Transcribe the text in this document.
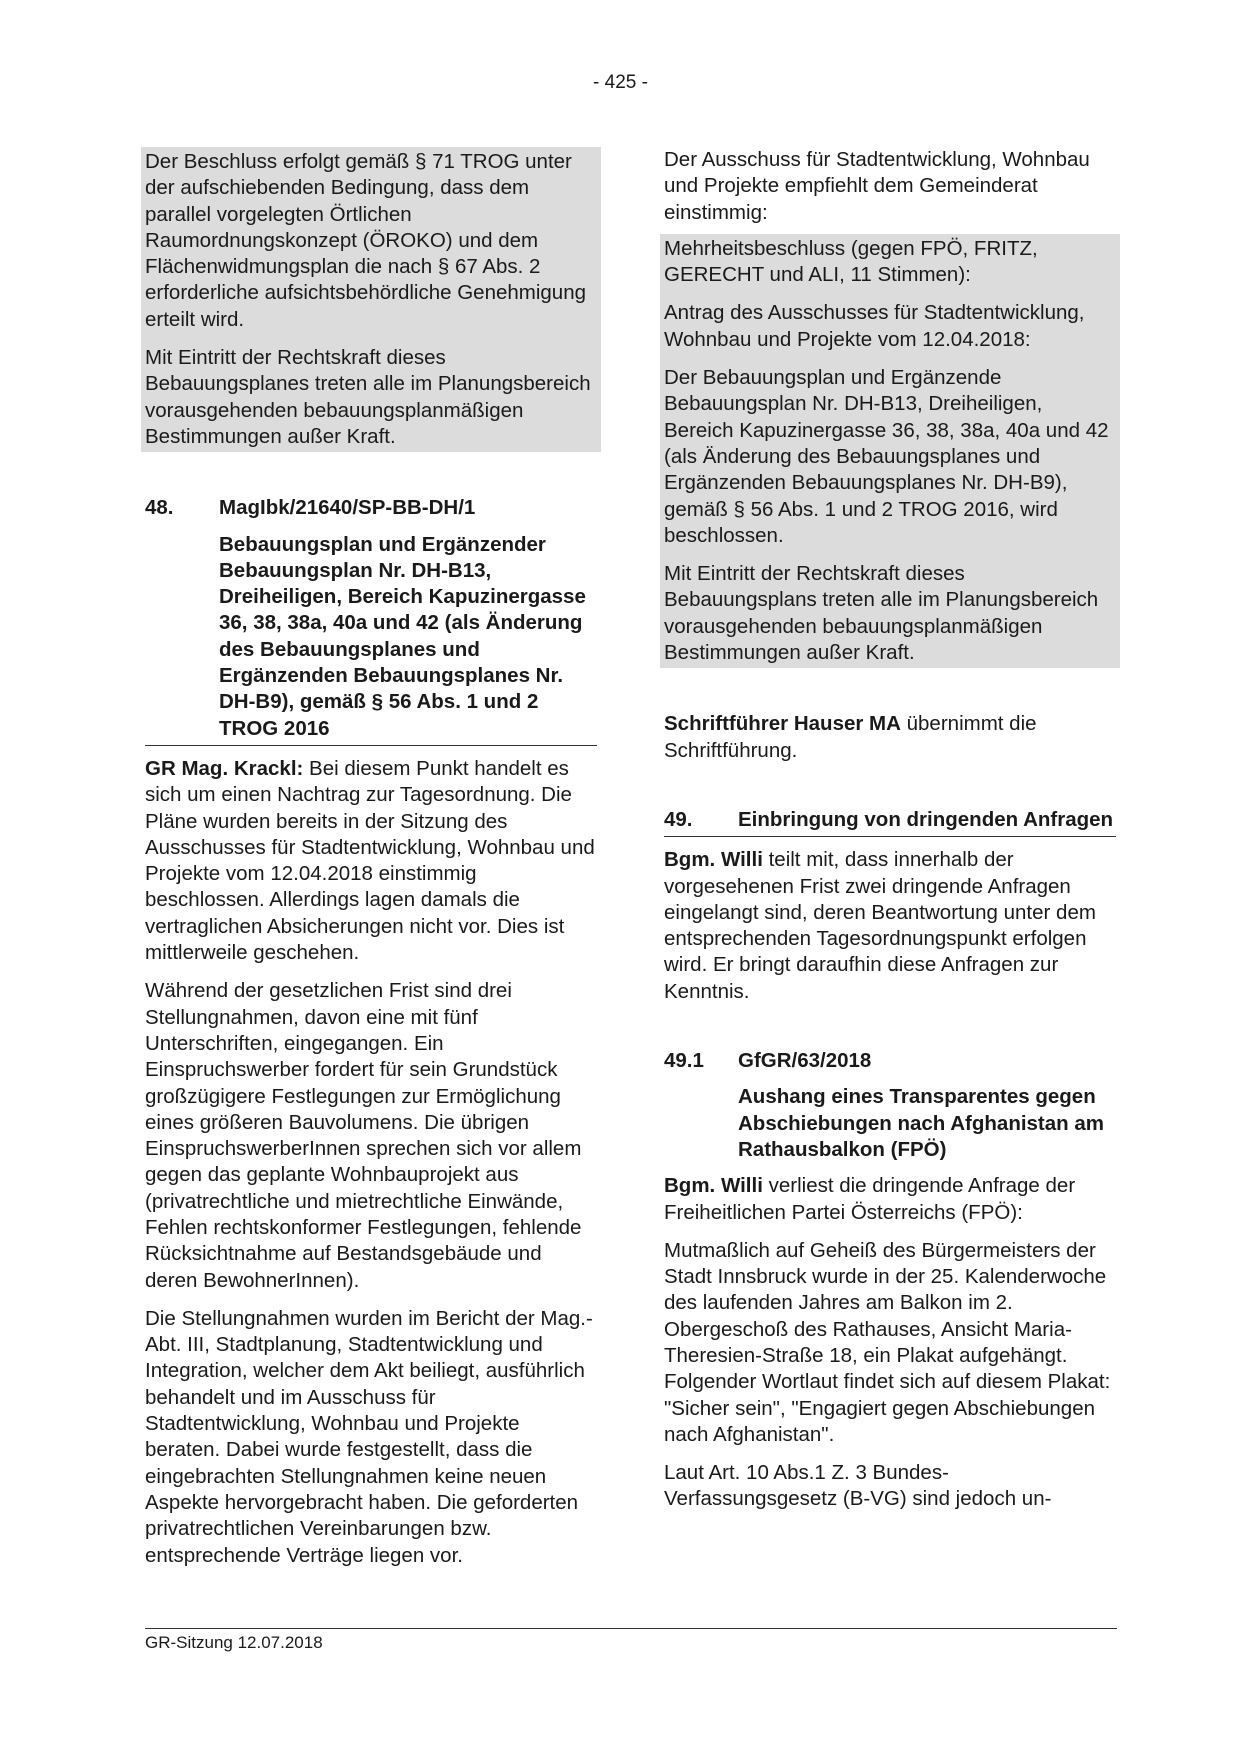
- 425 -

Der Beschluss erfolgt gemäß § 71 TROG unter der aufschiebenden Bedingung, dass dem parallel vorgelegten Örtlichen Raumordnungskonzept (ÖROKO) und dem Flächenwidmungsplan die nach § 67 Abs. 2 erforderliche aufsichtsbehördliche Genehmigung erteilt wird.

Mit Eintritt der Rechtskraft dieses Bebauungsplanes treten alle im Planungsbereich vorausgehenden bebauungsplanmäßigen Bestimmungen außer Kraft.

48.	MagIbk/21640/SP-BB-DH/1
Bebauungsplan und Ergänzender Bebauungsplan Nr. DH-B13, Dreiheiligen, Bereich Kapuzinergasse 36, 38, 38a, 40a und 42 (als Änderung des Bebauungsplanes und Ergänzenden Bebauungsplanes Nr. DH-B9), gemäß § 56 Abs. 1 und 2 TROG 2016

GR Mag. Krackl: Bei diesem Punkt handelt es sich um einen Nachtrag zur Tagesordnung. Die Pläne wurden bereits in der Sitzung des Ausschusses für Stadtentwicklung, Wohnbau und Projekte vom 12.04.2018 einstimmig beschlossen. Allerdings lagen damals die vertraglichen Absicherungen nicht vor. Dies ist mittlerweile geschehen.

Während der gesetzlichen Frist sind drei Stellungnahmen, davon eine mit fünf Unterschriften, eingegangen. Ein Einspruchswerber fordert für sein Grundstück großzügigere Festlegungen zur Ermöglichung eines größeren Bauvolumens. Die übrigen EinspruchswerberInnen sprechen sich vor allem gegen das geplante Wohnbauprojekt aus (privatrechtliche und mietrechtliche Einwände, Fehlen rechtskonformer Festlegungen, fehlende Rücksichtnahme auf Bestandsgebäude und deren BewohnerInnen).

Die Stellungnahmen wurden im Bericht der Mag.-Abt. III, Stadtplanung, Stadtentwicklung und Integration, welcher dem Akt beiliegt, ausführlich behandelt und im Ausschuss für Stadtentwicklung, Wohnbau und Projekte beraten. Dabei wurde festgestellt, dass die eingebrachten Stellungnahmen keine neuen Aspekte hervorgebracht haben. Die geforderten privatrechtlichen Vereinbarungen bzw. entsprechende Verträge liegen vor.

Der Ausschuss für Stadtentwicklung, Wohnbau und Projekte empfiehlt dem Gemeinderat einstimmig:

Mehrheitsbeschluss (gegen FPÖ, FRITZ, GERECHT und ALI, 11 Stimmen):

Antrag des Ausschusses für Stadtentwicklung, Wohnbau und Projekte vom 12.04.2018:

Der Bebauungsplan und Ergänzende Bebauungsplan Nr. DH-B13, Dreiheiligen, Bereich Kapuzinergasse 36, 38, 38a, 40a und 42 (als Änderung des Bebauungsplanes und Ergänzenden Bebauungsplanes Nr. DH-B9), gemäß § 56 Abs. 1 und 2 TROG 2016, wird beschlossen.

Mit Eintritt der Rechtskraft dieses Bebauungsplans treten alle im Planungsbereich vorausgehenden bebauungsplanmäßigen Bestimmungen außer Kraft.

Schriftführer Hauser MA übernimmt die Schriftführung.

49.	Einbringung von dringenden Anfragen

Bgm. Willi teilt mit, dass innerhalb der vorgesehenen Frist zwei dringende Anfragen eingelangt sind, deren Beantwortung unter dem entsprechenden Tagesordnungspunkt erfolgen wird. Er bringt daraufhin diese Anfragen zur Kenntnis.

49.1	GfGR/63/2018
Aushang eines Transparentes gegen Abschiebungen nach Afghanistan am Rathausbalkon (FPÖ)

Bgm. Willi verliest die dringende Anfrage der Freiheitlichen Partei Österreichs (FPÖ):

Mutmaßlich auf Geheiß des Bürgermeisters der Stadt Innsbruck wurde in der 25. Kalenderwoche des laufenden Jahres am Balkon im 2. Obergeschoß des Rathauses, Ansicht Maria-Theresien-Straße 18, ein Plakat aufgehängt. Folgender Wortlaut findet sich auf diesem Plakat: "Sicher sein", "Engagiert gegen Abschiebungen nach Afghanistan".

Laut Art. 10 Abs.1 Z. 3 Bundes-Verfassungsgesetz (B-VG) sind jedoch un-

GR-Sitzung 12.07.2018
